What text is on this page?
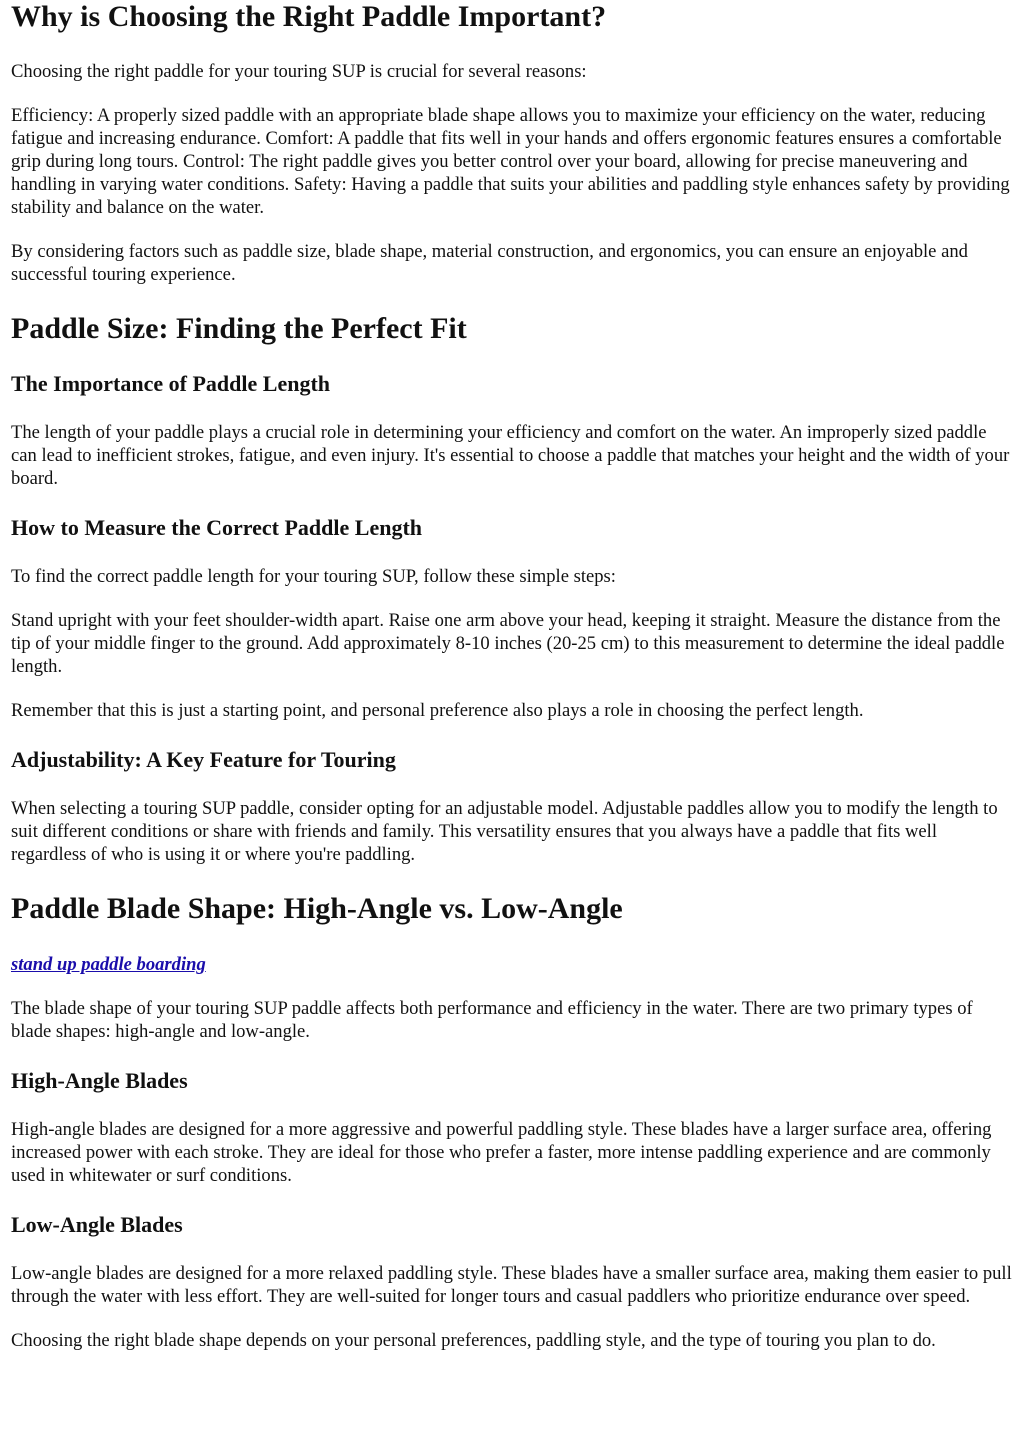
Why is Choosing the Right Paddle Important?

Choosing the right paddle for your touring SUP is crucial for several reasons:

Efficiency: A properly sized paddle with an appropriate blade shape allows you to maximize your efficiency on the water, reducing fatigue and increasing endurance. Comfort: A paddle that fits well in your hands and offers ergonomic features ensures a comfortable grip during long tours. Control: The right paddle gives you better control over your board, allowing for precise maneuvering and handling in varying water conditions. Safety: Having a paddle that suits your abilities and paddling style enhances safety by providing stability and balance on the water.

By considering factors such as paddle size, blade shape, material construction, and ergonomics, you can ensure an enjoyable and successful touring experience.

Paddle Size: Finding the Perfect Fit
The Importance of Paddle Length

The length of your paddle plays a crucial role in determining your efficiency and comfort on the water. An improperly sized paddle can lead to inefficient strokes, fatigue, and even injury. It's essential to choose a paddle that matches your height and the width of your board.

How to Measure the Correct Paddle Length

To find the correct paddle length for your touring SUP, follow these simple steps:

Stand upright with your feet shoulder-width apart. Raise one arm above your head, keeping it straight. Measure the distance from the tip of your middle finger to the ground. Add approximately 8-10 inches (20-25 cm) to this measurement to determine the ideal paddle length.

Remember that this is just a starting point, and personal preference also plays a role in choosing the perfect length.

Adjustability: A Key Feature for Touring

When selecting a touring SUP paddle, consider opting for an adjustable model. Adjustable paddles allow you to modify the length to suit different conditions or share with friends and family. This versatility ensures that you always have a paddle that fits well regardless of who is using it or where you're paddling.

Paddle Blade Shape: High-Angle vs. Low-Angle

stand up paddle boarding

The blade shape of your touring SUP paddle affects both performance and efficiency in the water. There are two primary types of blade shapes: high-angle and low-angle.

High-Angle Blades

High-angle blades are designed for a more aggressive and powerful paddling style. These blades have a larger surface area, offering increased power with each stroke. They are ideal for those who prefer a faster, more intense paddling experience and are commonly used in whitewater or surf conditions.

Low-Angle Blades

Low-angle blades are designed for a more relaxed paddling style. These blades have a smaller surface area, making them easier to pull through the water with less effort. They are well-suited for longer tours and casual paddlers who prioritize endurance over speed.

Choosing the right blade shape depends on your personal preferences, paddling style, and the type of touring you plan to do.
